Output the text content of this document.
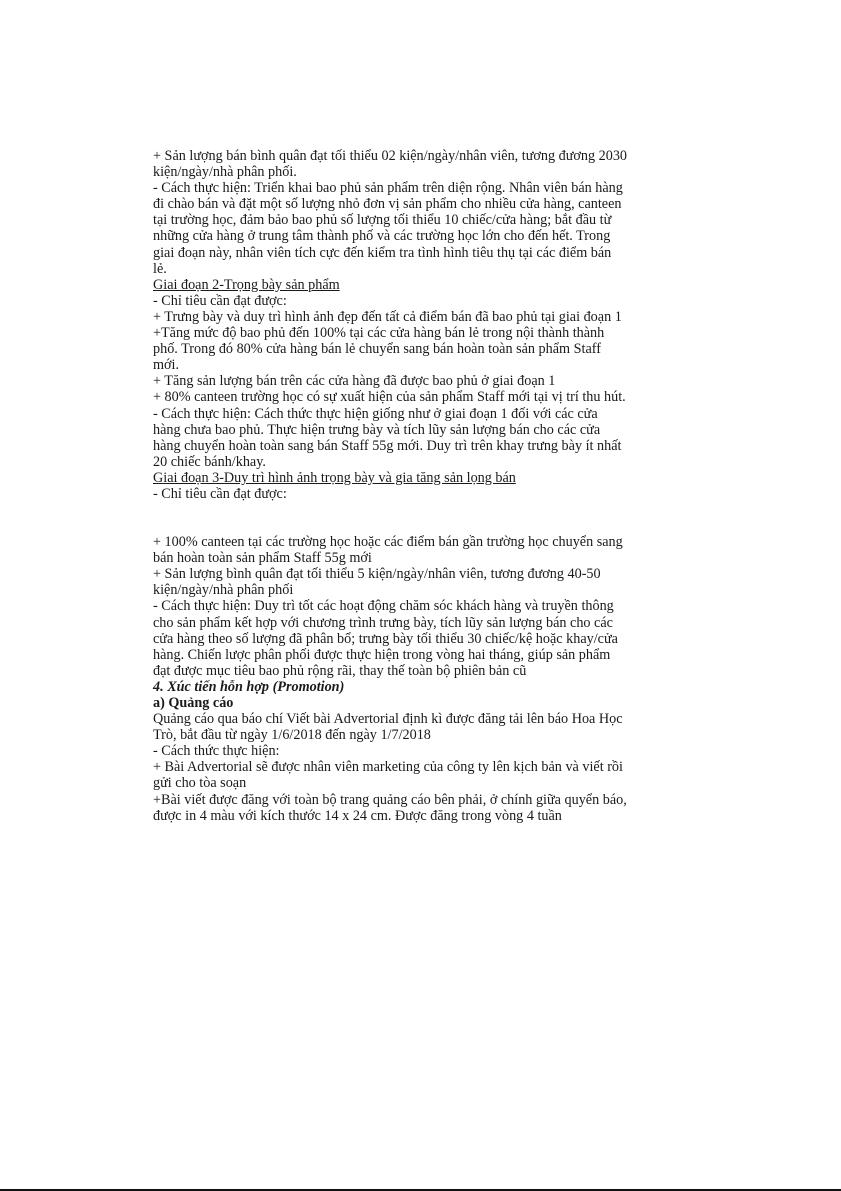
+ Sản lượng bán bình quân đạt tối thiểu 02 kiện/ngày/nhân viên, tương đương 2030
kiện/ngày/nhà phân phối.
- Cách thực hiện: Triển khai bao phủ sản phẩm trên diện rộng. Nhân viên bán hàng
đi chào bán và đặt một số lượng nhỏ đơn vị sản phẩm cho nhiều cửa hàng, canteen
tại trường học, đảm bảo bao phủ số lượng tối thiểu 10 chiếc/cửa hàng; bắt đầu từ
những cửa hàng ở trung tâm thành phố và các trường học lớn cho đến hết. Trong
giai đoạn này, nhân viên tích cực đến kiểm tra tình hình tiêu thụ tại các điểm bán
lẻ.
Giai đoạn 2-Trọng bày sản phẩm
- Chỉ tiêu cần đạt được:
+ Trưng bày và duy trì hình ảnh đẹp đến tất cả điểm bán đã bao phủ tại giai đoạn 1
+Tăng mức độ bao phủ đến 100% tại các cửa hàng bán lẻ trong nội thành thành
phố. Trong đó 80% cửa hàng bán lẻ chuyển sang bán hoàn toàn sản phẩm Staff
mới.
+ Tăng sản lượng bán trên các cửa hàng đã được bao phủ ở giai đoạn 1
+ 80% canteen trường học có sự xuất hiện của sản phẩm Staff mới tại vị trí thu hút.
- Cách thực hiện: Cách thức thực hiện giống như ở giai đoạn 1 đối với các cửa
hàng chưa bao phủ. Thực hiện trưng bày và tích lũy sản lượng bán cho các cửa
hàng chuyển hoàn toàn sang bán Staff 55g mới. Duy trì trên khay trưng bày ít nhất
20 chiếc bánh/khay.
Giai đoạn 3-Duy trì hình ảnh trọng bày và gia tăng sản lọng bán
- Chỉ tiêu cần đạt được:
+ 100% canteen tại các trường học hoặc các điểm bán gần trường học chuyển sang
bán hoàn toàn sản phẩm Staff 55g mới
+ Sản lượng bình quân đạt tối thiểu 5 kiện/ngày/nhân viên, tương đương 40-50
kiện/ngày/nhà phân phối
- Cách thực hiện: Duy trì tốt các hoạt động chăm sóc khách hàng và truyền thông
cho sản phẩm kết hợp với chương trình trưng bày, tích lũy sản lượng bán cho các
cửa hàng theo số lượng đã phân bổ; trưng bày tối thiểu 30 chiếc/kệ hoặc khay/cửa
hàng. Chiến lược phân phối được thực hiện trong vòng hai tháng, giúp sản phẩm
đạt được mục tiêu bao phủ rộng rãi, thay thế toàn bộ phiên bản cũ
4. Xúc tiến hỗn hợp (Promotion)
a) Quảng cáo
Quảng cáo qua báo chí Viết bài Advertorial định kì được đăng tải lên báo Hoa Học
Trò, bắt đầu từ ngày 1/6/2018 đến ngày 1/7/2018
- Cách thức thực hiện:
+ Bài Advertorial sẽ được nhân viên marketing của công ty lên kịch bản và viết rồi
gửi cho tòa soạn
+Bài viết được đăng với toàn bộ trang quảng cáo bên phải, ở chính giữa quyển báo,
được in 4 màu với kích thước 14 x 24 cm. Được đăng trong vòng 4 tuần
